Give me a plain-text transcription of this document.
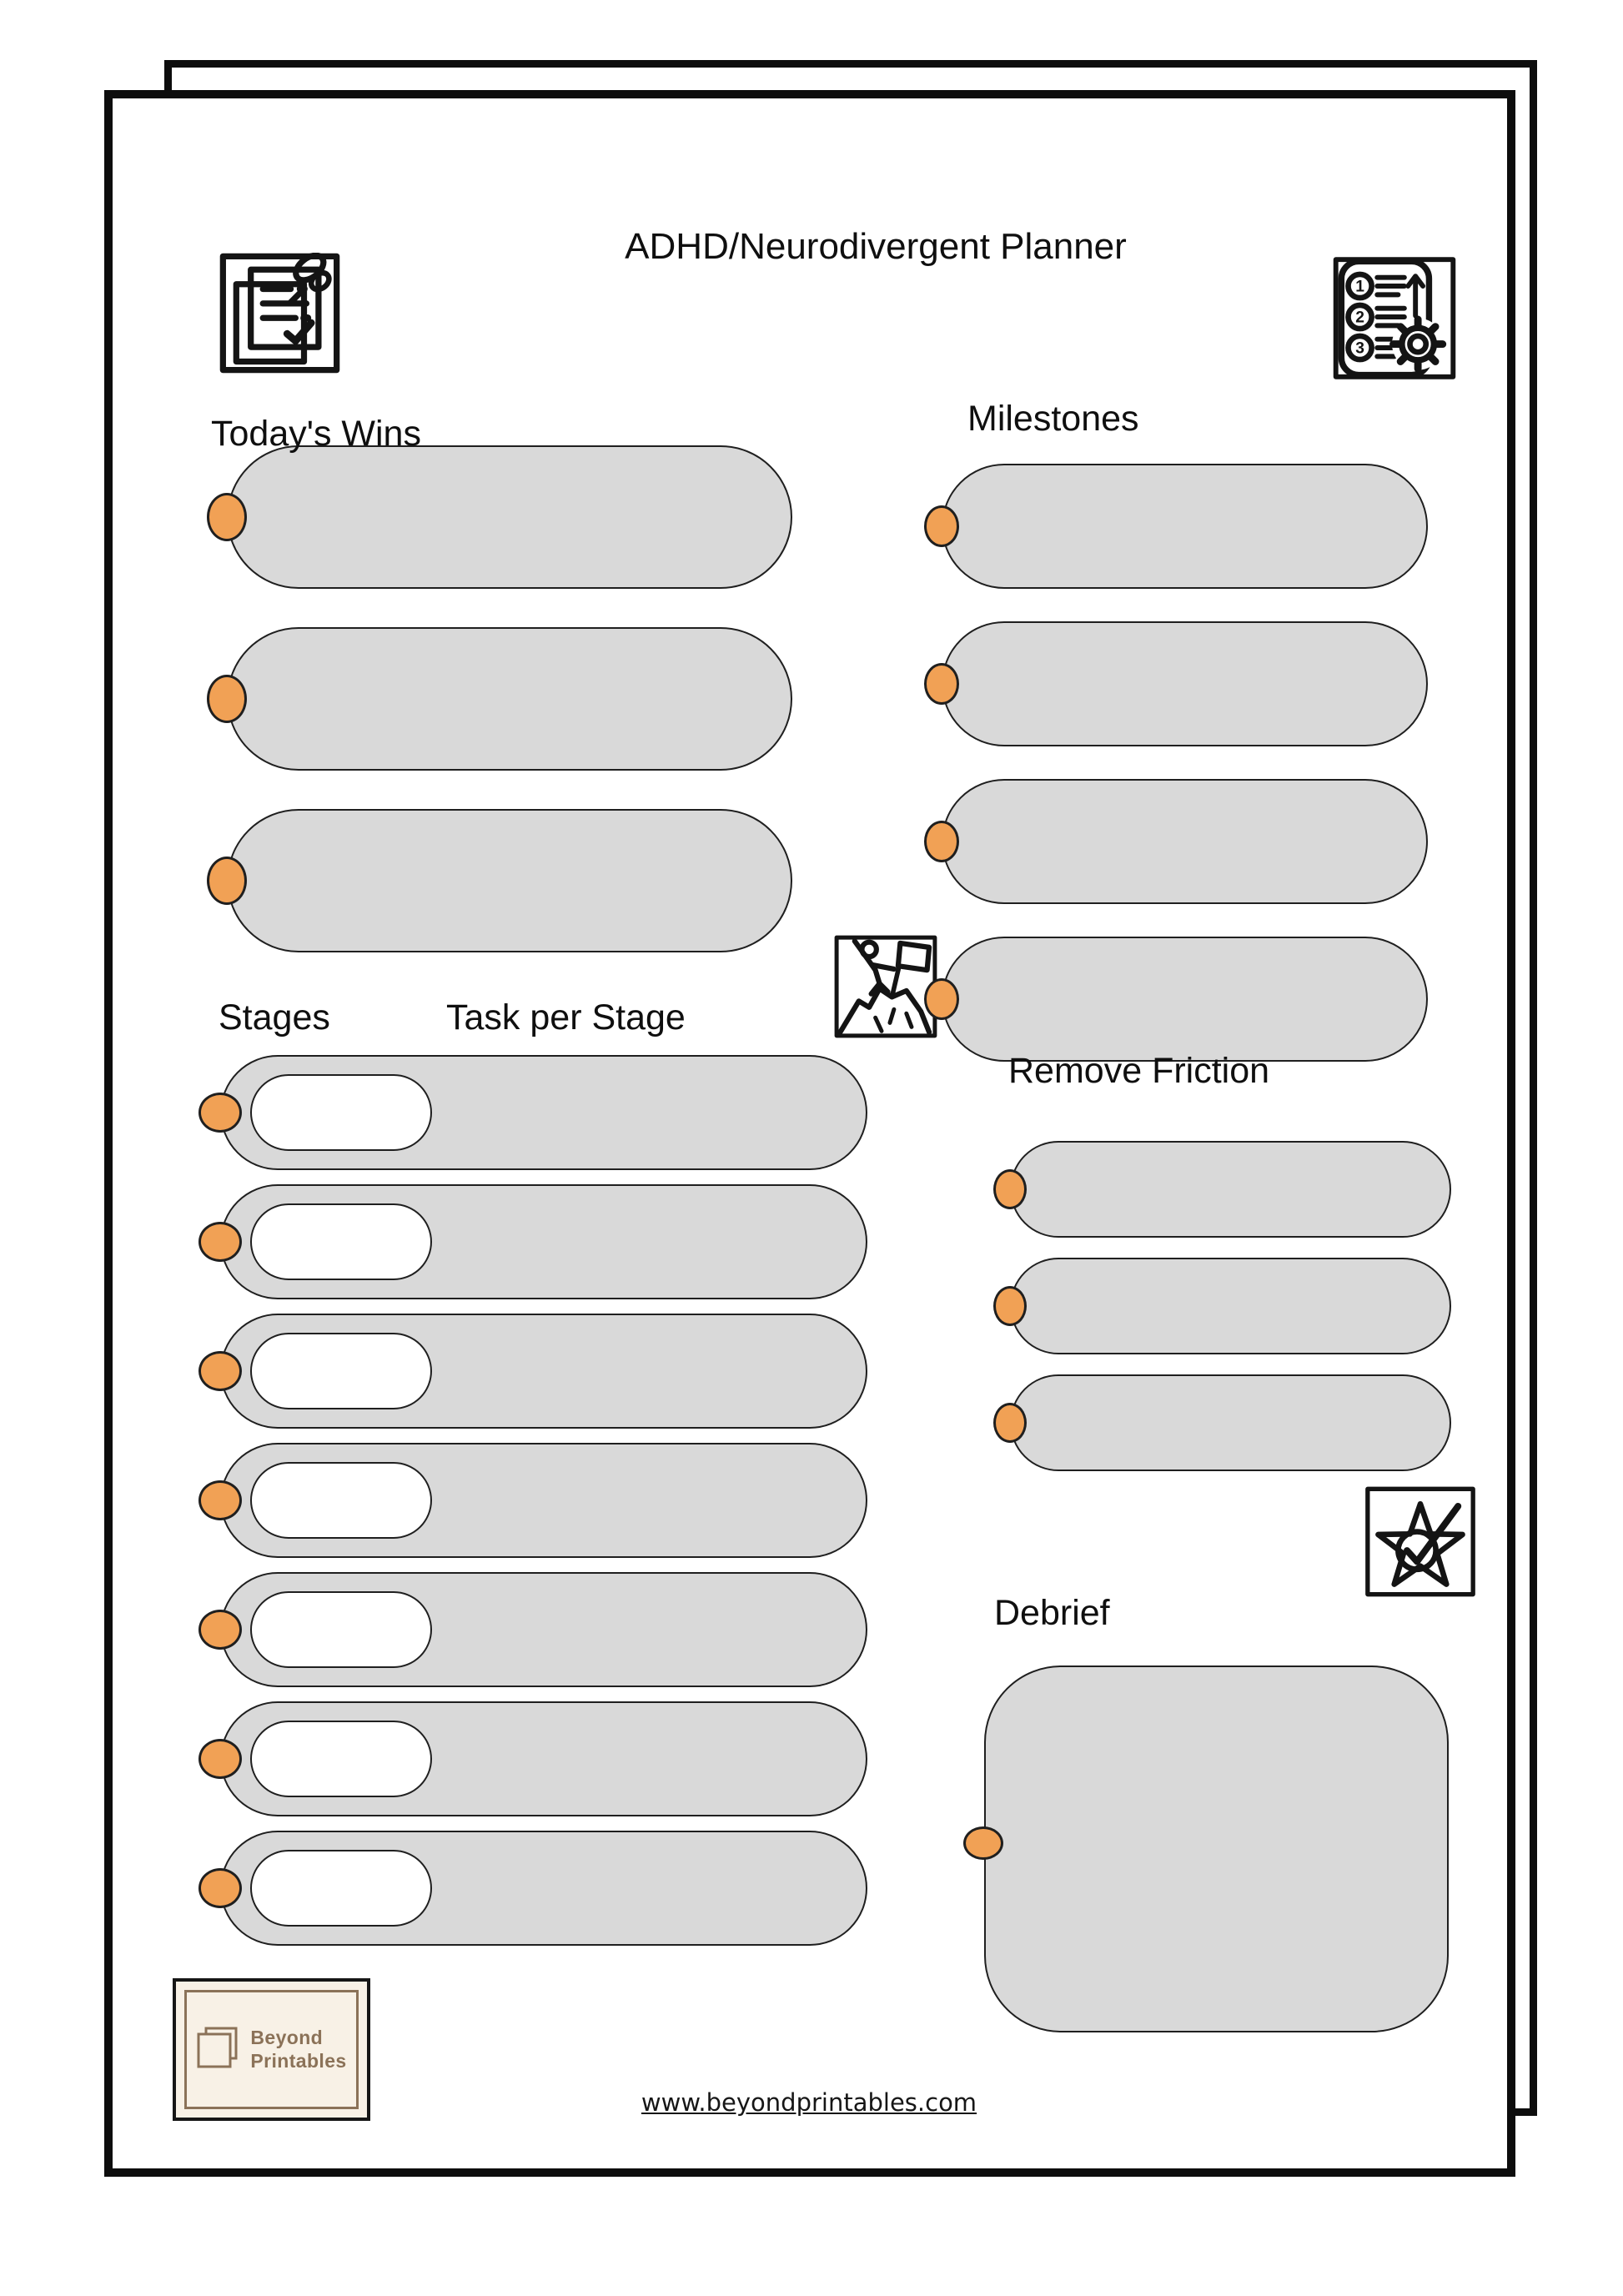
ADHD/Neurodivergent Planner
1
2
3
Today's Wins	Milestones
Stages	Task per Stage
Remove Friction
Debrief
Beyond
Printables
www.beyondprintables.com
